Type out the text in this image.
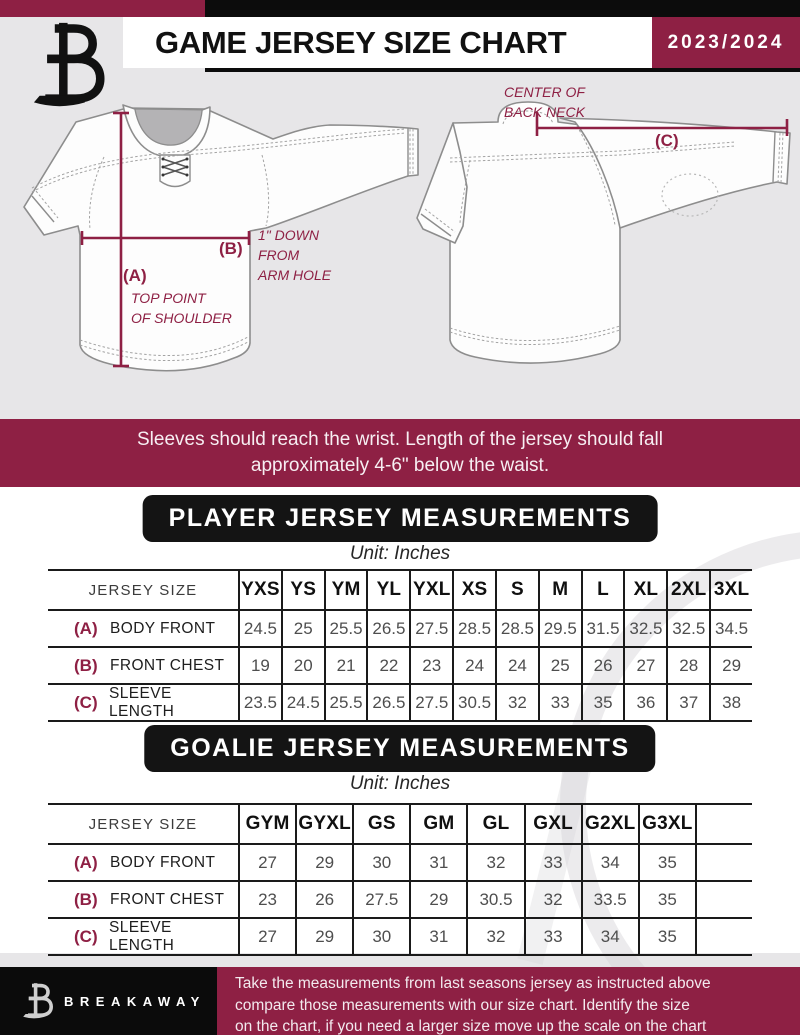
GAME JERSEY SIZE CHART	2023/2024
(A)
TOP POINT
OF SHOULDER
(B)
1" DOWN
FROM
ARM HOLE
CENTER OF
BACK NECK
(C)
Sleeves should reach the wrist. Length of the jersey should fall
approximately 4-6" below the waist.
PLAYER JERSEY MEASUREMENTS
Unit: Inches
JERSEY SIZE	YXS YS YM YL YXL XS	S	M	L	XL 2XL 3XL
(A) BODY FRONT	24.5 25 25.5 26.5 27.5 28.5 28.5 29.5 31.5 32.5 32.5 34.5
(B) FRONT CHEST	19	20	21	22	23	24	24	25	26	27	28	29
(C) SLEEVE LENGTH	23.5 24.5 25.5 26.5 27.5 30.5 32	33	35	36	37	38
GOALIE JERSEY MEASUREMENTS
Unit: Inches
JERSEY SIZE	GYM GYXL GS	GM	GL	GXL G2XL G3XL
(A) BODY FRONT	27	29	30	31	32	33	34	35
(B) FRONT CHEST	23	26	27.5	29	30.5	32	33.5	35
(C) SLEEVE LENGTH	27	29	30	31	32	33	34	35
BREAKAWAY
Take the measurements from last seasons jersey as instructed above
compare those measurements with our size chart. Identify the size
on the chart, if you need a larger size move up the scale on the chart
